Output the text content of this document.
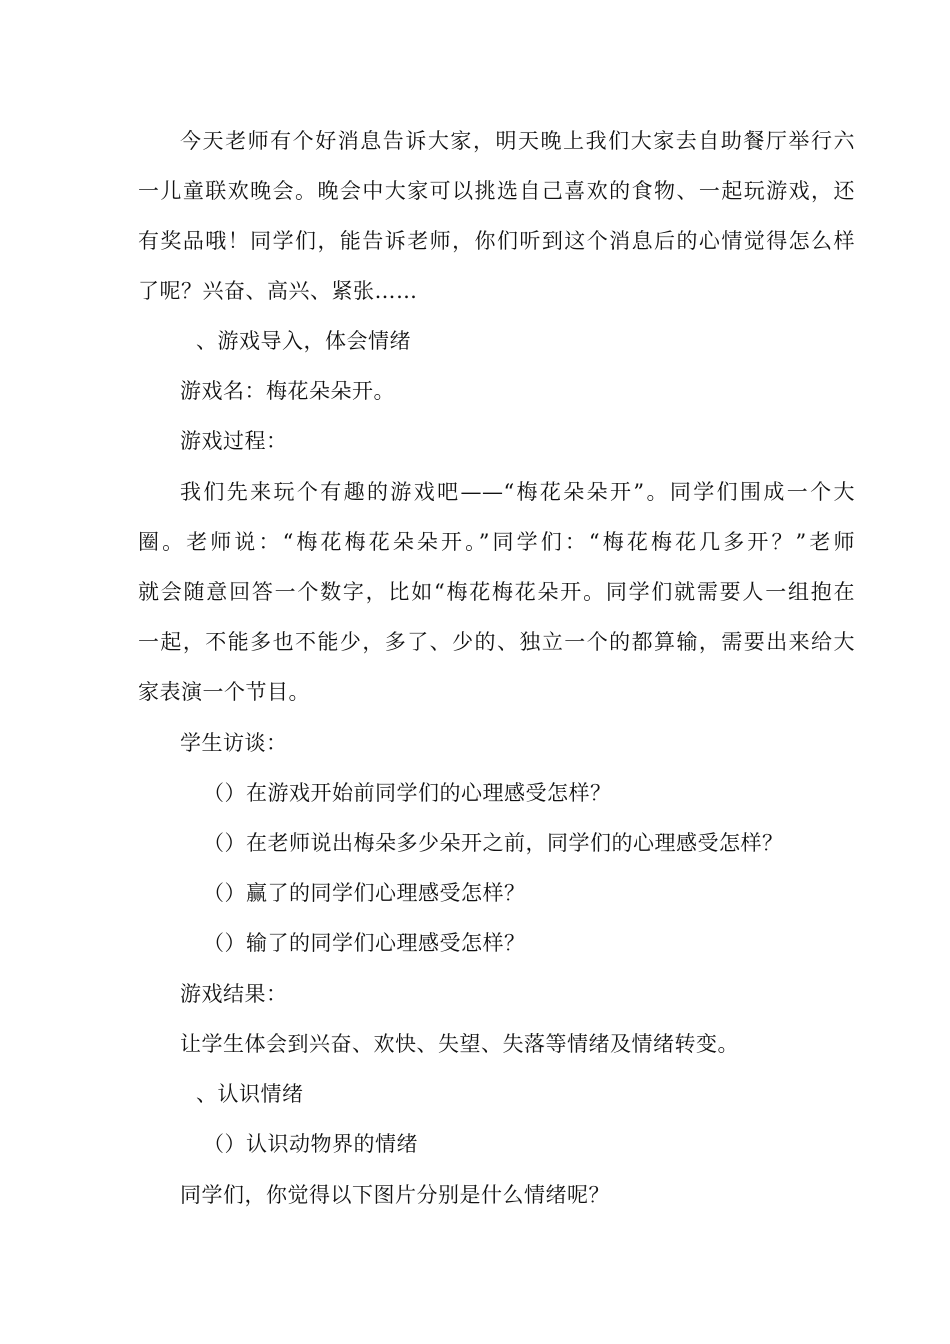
今天老师有个好消息告诉大家，明天晚上我们大家去自助餐厅举行六
一儿童联欢晚会。晚会中大家可以挑选自己喜欢的食物、一起玩游戏，还
有奖品哦！同学们，能告诉老师，你们听到这个消息后的心情觉得怎么样
了呢？兴奋、高兴、紧张……
、游戏导入，体会情绪
游戏名：梅花朵朵开。
游戏过程：
我们先来玩个有趣的游戏吧——“梅花朵朵开”。同学们围成一个大
圈。老师说：“梅花梅花朵朵开。”同学们：“梅花梅花几多开？”老师
就会随意回答一个数字，比如“梅花梅花朵开。同学们就需要人一组抱在
一起，不能多也不能少，多了、少的、独立一个的都算输，需要出来给大
家表演一个节目。
学生访谈：
（）在游戏开始前同学们的心理感受怎样？
（）在老师说出梅朵多少朵开之前，同学们的心理感受怎样？
（）赢了的同学们心理感受怎样？
（）输了的同学们心理感受怎样？
游戏结果：
让学生体会到兴奋、欢快、失望、失落等情绪及情绪转变。
、认识情绪
（）认识动物界的情绪
同学们，你觉得以下图片分别是什么情绪呢？
